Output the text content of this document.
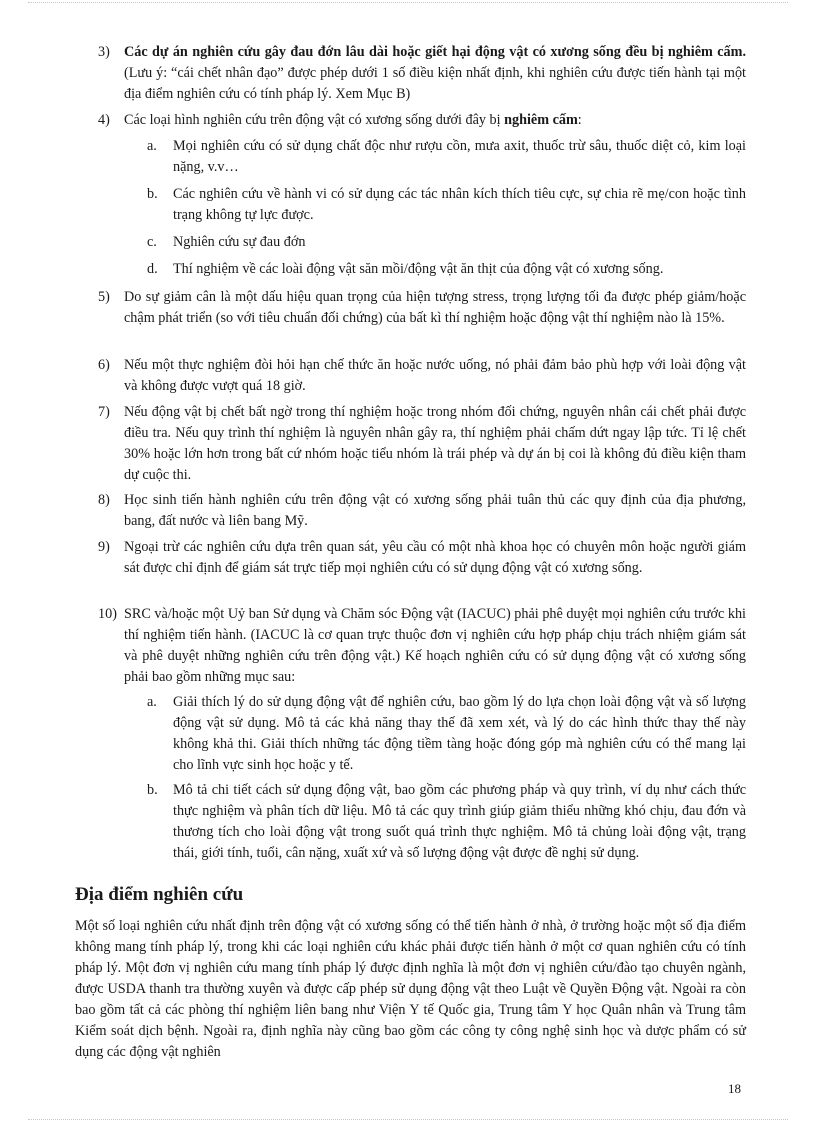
3) Các dự án nghiên cứu gây đau đớn lâu dài hoặc giết hại động vật có xương sống đều bị nghiêm cấm. (Lưu ý: “cái chết nhân đạo” được phép dưới 1 số điều kiện nhất định, khi nghiên cứu được tiến hành tại một địa điểm nghiên cứu có tính pháp lý. Xem Mục B)
4) Các loại hình nghiên cứu trên động vật có xương sống dưới đây bị nghiêm cấm:
a. Mọi nghiên cứu có sử dụng chất độc như rượu cồn, mưa axit, thuốc trừ sâu, thuốc diệt cỏ, kim loại nặng, v.v…
b. Các nghiên cứu về hành vi có sử dụng các tác nhân kích thích tiêu cực, sự chia rẽ mẹ/con hoặc tình trạng không tự lực được.
c. Nghiên cứu sự đau đớn
d. Thí nghiệm về các loài động vật săn mồi/động vật ăn thịt của động vật có xương sống.
5) Do sự giảm cân là một dấu hiệu quan trọng của hiện tượng stress, trọng lượng tối đa được phép giảm/hoặc chậm phát triển (so với tiêu chuẩn đối chứng) của bất kì thí nghiệm hoặc động vật thí nghiệm nào là 15%.
6) Nếu một thực nghiệm đòi hỏi hạn chế thức ăn hoặc nước uống, nó phải đảm bảo phù hợp với loài động vật và không được vượt quá 18 giờ.
7) Nếu động vật bị chết bất ngờ trong thí nghiệm hoặc trong nhóm đối chứng, nguyên nhân cái chết phải được điều tra. Nếu quy trình thí nghiệm là nguyên nhân gây ra, thí nghiệm phải chấm dứt ngay lập tức. Tỉ lệ chết 30% hoặc lớn hơn trong bất cứ nhóm hoặc tiểu nhóm là trái phép và dự án bị coi là không đủ điều kiện tham dự cuộc thi.
8) Học sinh tiến hành nghiên cứu trên động vật có xương sống phải tuân thủ các quy định của địa phương, bang, đất nước và liên bang Mỹ.
9) Ngoại trừ các nghiên cứu dựa trên quan sát, yêu cầu có một nhà khoa học có chuyên môn hoặc người giám sát được chỉ định để giám sát trực tiếp mọi nghiên cứu có sử dụng động vật có xương sống.
10) SRC và/hoặc một Uỷ ban Sử dụng và Chăm sóc Động vật (IACUC) phải phê duyệt mọi nghiên cứu trước khi thí nghiệm tiến hành. (IACUC là cơ quan trực thuộc đơn vị nghiên cứu hợp pháp chịu trách nhiệm giám sát và phê duyệt những nghiên cứu trên động vật.) Kế hoạch nghiên cứu có sử dụng động vật có xương sống phải bao gồm những mục sau:
a. Giải thích lý do sử dụng động vật để nghiên cứu, bao gồm lý do lựa chọn loài động vật và số lượng động vật sử dụng. Mô tả các khả năng thay thế đã xem xét, và lý do các hình thức thay thế này không khả thi. Giải thích những tác động tiềm tàng hoặc đóng góp mà nghiên cứu có thể mang lại cho lĩnh vực sinh học hoặc y tế.
b. Mô tả chi tiết cách sử dụng động vật, bao gồm các phương pháp và quy trình, ví dụ như cách thức thực nghiệm và phân tích dữ liệu. Mô tả các quy trình giúp giảm thiểu những khó chịu, đau đớn và thương tích cho loài động vật trong suốt quá trình thực nghiệm. Mô tả chủng loài động vật, trạng thái, giới tính, tuổi, cân nặng, xuất xứ và số lượng động vật được đề nghị sử dụng.
Địa điểm nghiên cứu
Một số loại nghiên cứu nhất định trên động vật có xương sống có thể tiến hành ở nhà, ở trường hoặc một số địa điểm không mang tính pháp lý, trong khi các loại nghiên cứu khác phải được tiến hành ở một cơ quan nghiên cứu có tính pháp lý. Một đơn vị nghiên cứu mang tính pháp lý được định nghĩa là một đơn vị nghiên cứu/đào tạo chuyên ngành, được USDA thanh tra thường xuyên và được cấp phép sử dụng động vật theo Luật về Quyền Động vật. Ngoài ra còn bao gồm tất cả các phòng thí nghiệm liên bang như Viện Y tế Quốc gia, Trung tâm Y học Quân nhân và Trung tâm Kiểm soát dịch bệnh. Ngoài ra, định nghĩa này cũng bao gồm các công ty công nghệ sinh học và dược phẩm có sử dụng các động vật nghiên
18
